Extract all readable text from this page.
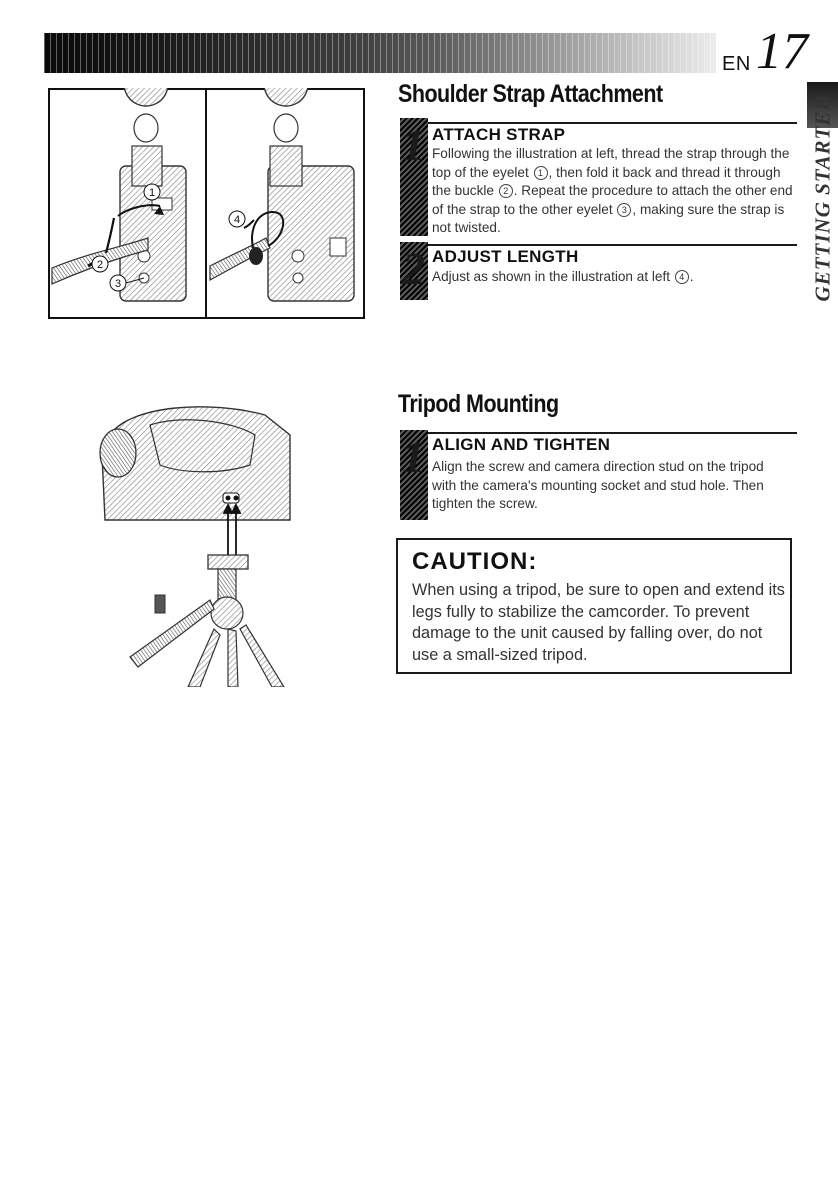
EN 17
GETTING STARTED
1
2
3
4
Shoulder Strap Attachment
1 ATTACH STRAP
Following the illustration at left, thread the strap through the top of the eyelet 1 , then fold it back and thread it through the buckle 2 . Repeat the procedure to attach the other end of the strap to the other eyelet 3 , making sure the strap is not twisted.
2 ADJUST LENGTH
Adjust as shown in the illustration at left 4 .
Tripod Mounting
1 ALIGN AND TIGHTEN
Align the screw and camera direction stud on the tripod with the camera's mounting socket and stud hole. Then tighten the screw.
CAUTION:
When using a tripod, be sure to open and extend its legs fully to stabilize the camcorder. To prevent damage to the unit caused by falling over, do not use a small-sized tripod.
